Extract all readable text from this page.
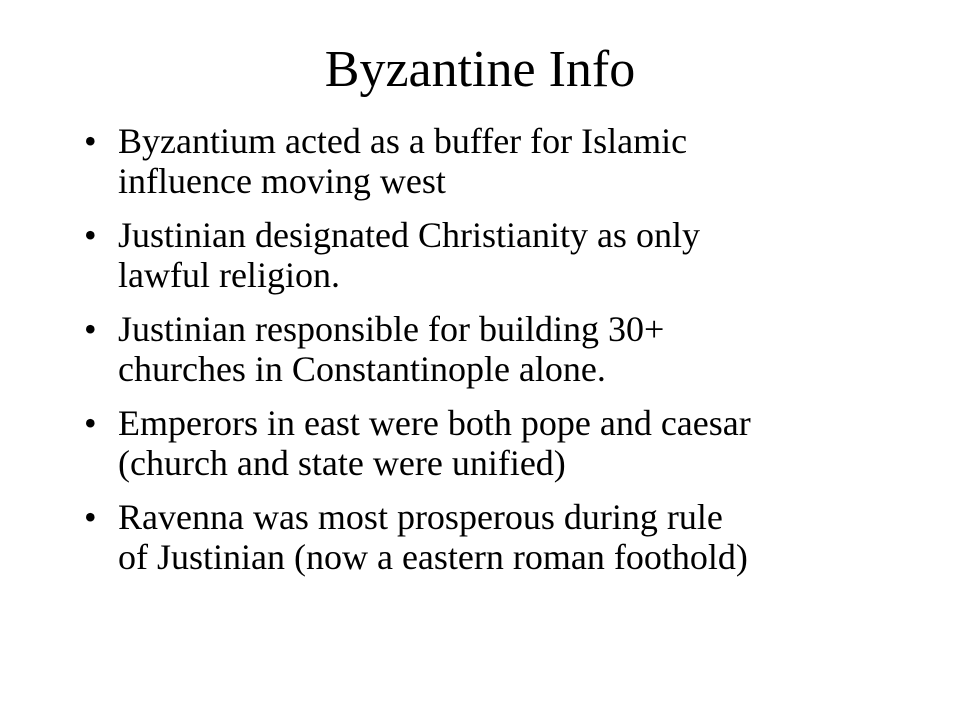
Byzantine Info
• Byzantium acted as a buffer for Islamic
influence moving west
• Justinian designated Christianity as only
lawful religion.
• Justinian responsible for building 30+
churches in Constantinople alone.
• Emperors in east were both pope and caesar
(church and state were unified)
• Ravenna was most prosperous during rule
of Justinian (now a eastern roman foothold)
